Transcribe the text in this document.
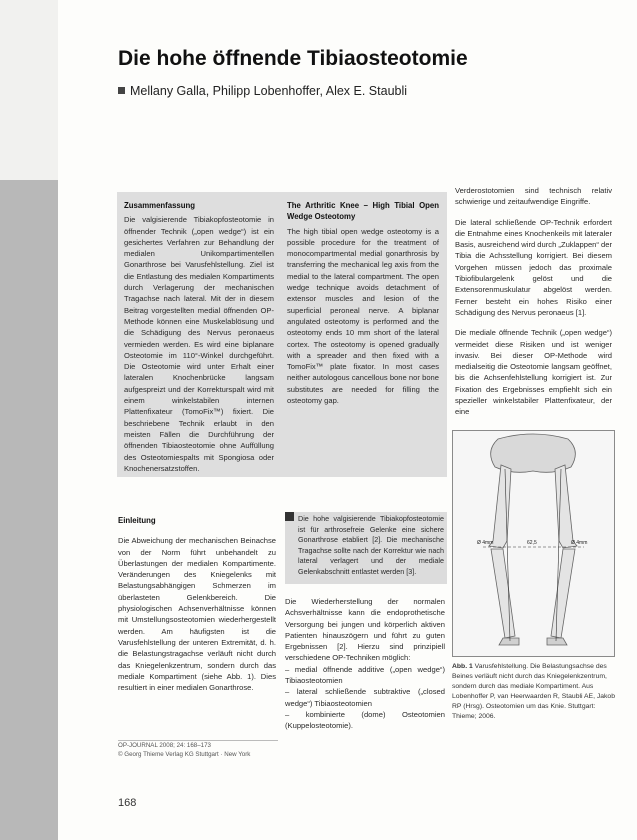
Die hohe öffnende Tibiaosteotomie
Mellany Galla, Philipp Lobenhoffer, Alex E. Staubli
Zusammenfassung

Die valgisierende Tibiakopfosteotomie in öffnender Technik („open wedge“) ist ein gesichertes Verfahren zur Behandlung der medialen Unikompartimentellen Gonarthrose bei Varusfehlstellung. Ziel ist die Entlastung des medialen Kompartiments durch Verlagerung der mechanischen Tragachse nach lateral. Mit der in diesem Beitrag vorgestellten medial öffnenden OP-Methode können eine Muskelablösung und die Schädigung des Nervus peronaeus vermieden werden. Es wird eine biplanare Osteotomie im 110°-Winkel durchgeführt. Die Osteotomie wird unter Erhalt einer lateralen Knochenbrücke langsam aufgespreizt und der Korrekturspalt wird mit einem winkelstabilen internen Plattenfixateur (TomoFix™) fixiert. Die beschriebene Technik erlaubt in den meisten Fällen die Durchführung der öffnenden Tibiaosteotomie ohne Auffüllung des Osteotomiespalts mit Spongiosa oder Knochenersatzstoffen.

The Arthritic Knee – High Tibial Open Wedge Osteotomy

The high tibial open wedge osteotomy is a possible procedure for the treatment of monocompartmental medial gonarthrosis by transferring the mechanical leg axis from the medial to the lateral compartment. The open wedge technique avoids detachment of extensor muscles and lesion of the superficial peroneal nerve. A biplanar angulated osteotomy is performed and the osteotomy ends 10 mm short of the lateral cortex. The osteotomy is opened gradually with a spreader and then fixed with a TomoFix™ plate fixator. In most cases neither autologous cancellous bone nor bone substitutes are needed for filling the osteotomy gap.

Verderostotomien sind technisch relativ schwierige und zeitaufwendige Eingriffe.

Die lateral schließende OP-Technik erfordert die Entnahme eines Knochenkeils mit lateraler Basis, ausreichend wird durch „Zuklappen“ der Tibia die Achsstellung korrigiert. Bei diesem Vorgehen müssen jedoch das proximale Tibiofibulargelenk gelöst und die Extensorenmuskulatur abgelöst werden. Ferner besteht ein hohes Risiko einer Schädigung des Nervus peronaeus [1].

Die mediale öffnende Technik („open wedge“) vermeidet diese Risiken und ist weniger invasiv. Bei dieser OP-Methode wird medialseitig die Osteotomie langsam geöffnet, bis die Achsenfehlstellung korrigiert ist. Zur Fixation des Ergebnisses empfiehlt sich ein spezieller winkelstabiler Plattenfixateur, der eine

Einleitung

Die Abweichung der mechanischen Beinachse von der Norm führt unbehandelt zu Überlastungen der medialen Kompartimente. Veränderungen des Kniegelenks mit Belastungsabhängigen Schmerzen im überlasteten Gelenkbereich. Die physiologischen Achsenverhältnisse können mit Umstellungsosteotomien wiederhergestellt werden. Am häufigsten ist die Varusfehlstellung der unteren Extremität, d. h. die Belastungstragachse verläuft nicht durch das Kniegelenkzentrum, sondern durch das mediale Kompartiment (siehe Abb. 1). Dies resultiert in einer medialen Gonarthrose.

Die hohe valgisierende Tibiakopfosteotomie ist für arthrosefreie Gelenke eine sichere Gonarthrose etabliert [2]. Die mechanische Tragachse sollte nach der Korrektur wie nach lateral verlagert und der mediale Gelenkabschnitt entlastet werden [3].

Die Wiederherstellung der normalen Achsverhältnisse kann die endoprothetische Versorgung bei jungen und körperlich aktiven Patienten hinauszögern und führt zu guten Ergebnissen [2]. Hierzu sind prinzipiell verschiedene OP-Techniken möglich:

– medial öffnende additive („open wedge“) Tibiaosteotomien

– lateral schließende subtraktive („closed wedge“) Tibiaosteotomien

– kombinierte (dome) Osteotomien (Kuppelosteotomie).

Ø 4mm	62,5	Ø 4mm
Abb. 1 Varusfehlstellung. Die Belastungsachse des Beines verläuft nicht durch das Kniegelenkzentrum, sondern durch das mediale Kompartiment. Aus Lobenhoffer P, van Heerwaarden R, Staubli AE, Jakob RP (Hrsg). Osteotomien um das Knie. Stuttgart: Thieme; 2006.
OP-JOURNAL 2008; 24: 168–173
© Georg Thieme Verlag KG Stuttgart · New York
168
